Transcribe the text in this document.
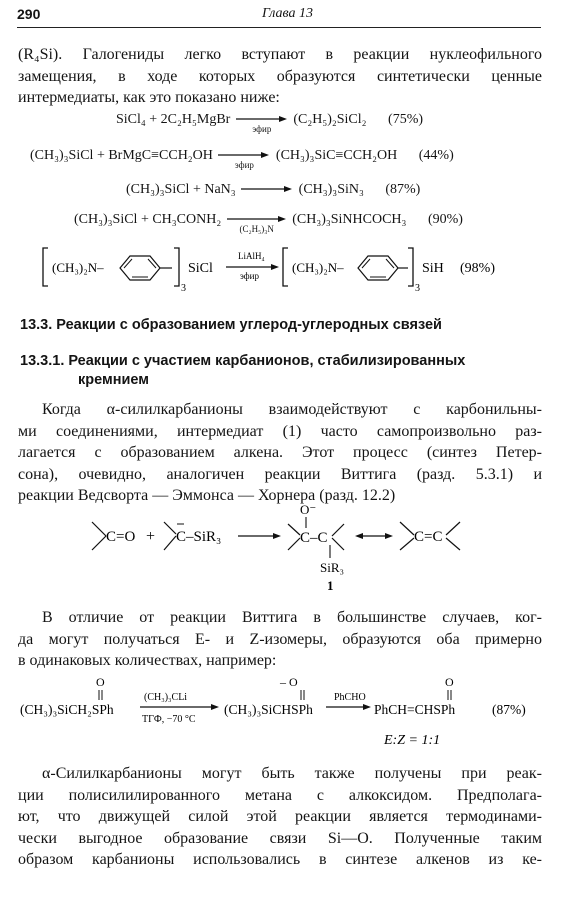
290	Глава 13
(R₄Si). Галогениды легко вступают в реакции нуклеофильного
замещения, в ходе которых образуются синтетически ценные
интермедиаты, как это показано ниже:
SiCl₄ + 2C₂H₅MgBr
эфир
(C₂H₅)₂SiCl₂ (75%)
(CH₃)₃SiCl + BrMgC≡CCH₂OH
эфир
(CH₃)₃SiC≡CCH₂OH (44%)
(CH₃)₃SiCl + NaN₃ → (CH₃)₃SiN₃ (87%)
(CH₃)₃SiCl + CH₃CONH₂
(C₂H₅)₃N
(CH₃)₃SiNHCOCH₃ (90%)
(CH₃)₂N–
3
SiCl
LiAlH₄
эфир
(CH₃)₂N–
3
SiH (98%)
13.3. Реакции с образованием углерод-углеродных связей
13.3.1. Реакции с участием карбанионов, стабилизированных
кремнием
Когда α-силилкарбанионы взаимодействуют с карбонильны-
ми соединениями, интермедиат (1) часто самопроизвольно раз-
лагается с образованием алкена. Этот процесс (синтез Петер-
сона), очевидно, аналогичен реакции Виттига (разд. 5.3.1) и
реакции Ведсворта — Эммонса — Хорнера (разд. 12.2)
C=O + C–SiR₃
O⁻
C–C
SiR₃
1
C=C
В отличие от реакции Виттига в большинстве случаев, ког-
да могут получаться E- и Z-изомеры, образуются оба примерно
в одинаковых количествах, например:
O
(CH₃)₃SiCH₂SPh
(CH₃)₃CLi
ТГФ, −70 °C
– O
(CH₃)₃SiCHSPh
PhCHO
O
PhCH=CHSPh	(87%)
E:Z = 1:1
α-Силилкарбанионы могут быть также получены при реак-
ции полисилилированного метана с алкоксидом. Предполага-
ют, что движущей силой этой реакции является термодинами-
чески выгодное образование связи Si—O. Полученные таким
образом карбанионы использовались в синтезе алкенов из ке-
